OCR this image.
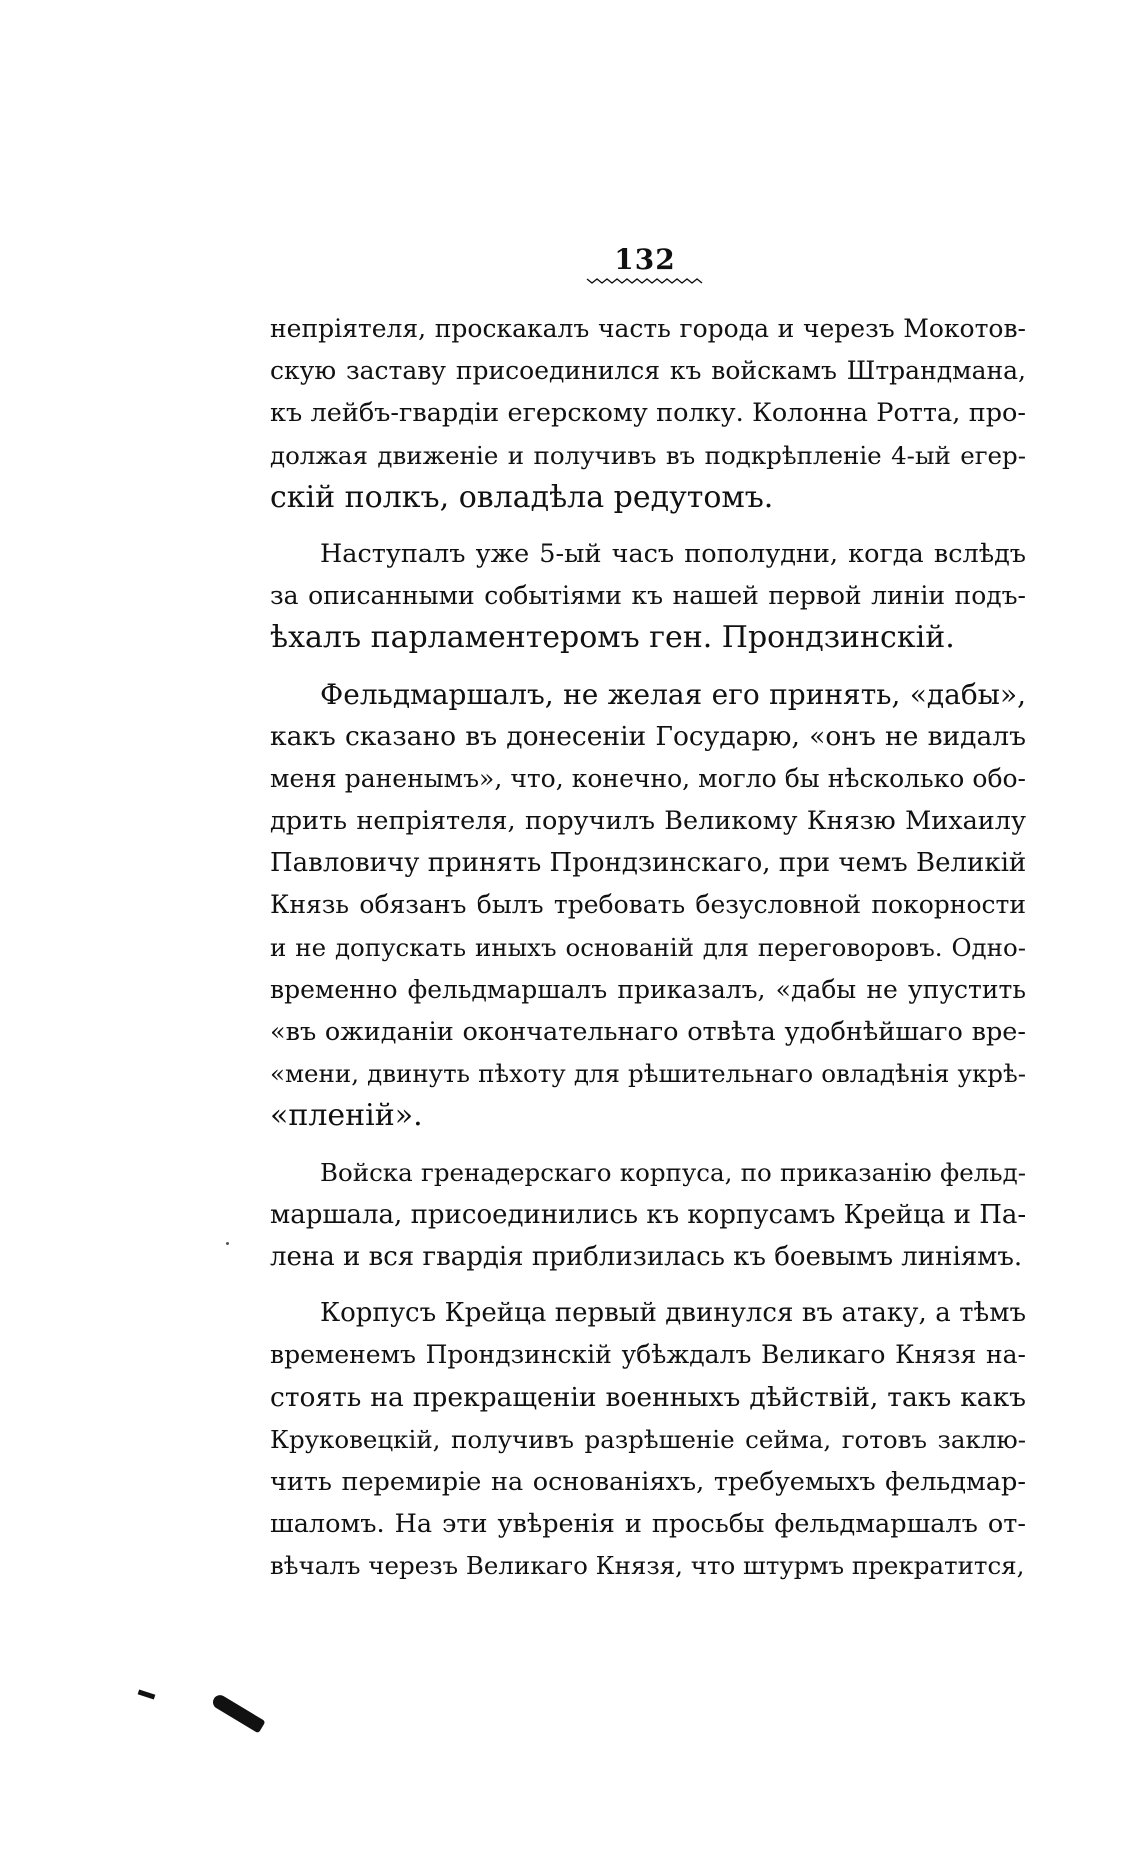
132
непріятеля, проскакалъ часть города и черезъ Мокотов-
скую заставу присоединился къ войскамъ Штрандмана,
къ лейбъ-гвардіи егерскому полку. Колонна Ротта, про-
должая движеніе и получивъ въ подкрѣпленіе 4-ый егер-
скій полкъ, овладѣла редутомъ.
Наступалъ уже 5-ый часъ пополудни, когда вслѣдъ
за описанными событіями къ нашей первой линіи подъ-
ѣхалъ парламентеромъ ген. Прондзинскій.
Фельдмаршалъ, не желая его принять, «дабы»,
какъ сказано въ донесеніи Государю, «онъ не видалъ
меня раненымъ», что, конечно, могло бы нѣсколько обо-
дрить непріятеля, поручилъ Великому Князю Михаилу
Павловичу принять Прондзинскаго, при чемъ Великій
Князь обязанъ былъ требовать безусловной покорности
и не допускать иныхъ основаній для переговоровъ. Одно-
временно фельдмаршалъ приказалъ, «дабы не упустить
«въ ожиданіи окончательнаго отвѣта удобнѣйшаго вре-
«мени, двинуть пѣхоту для рѣшительнаго овладѣнія укрѣ-
«пленій».
Войска гренадерскаго корпуса, по приказанію фельд-
маршала, присоединились къ корпусамъ Крейца и Па-
лена и вся гвардія приблизилась къ боевымъ линіямъ.
Корпусъ Крейца первый двинулся въ атаку, а тѣмъ
временемъ Прондзинскій убѣждалъ Великаго Князя на-
стоять на прекращеніи военныхъ дѣйствій, такъ какъ
Круковецкій, получивъ разрѣшеніе сейма, готовъ заклю-
чить перемиріе на основаніяхъ, требуемыхъ фельдмар-
шаломъ. На эти увѣренія и просьбы фельдмаршалъ от-
вѣчалъ черезъ Великаго Князя, что штурмъ прекратится,
